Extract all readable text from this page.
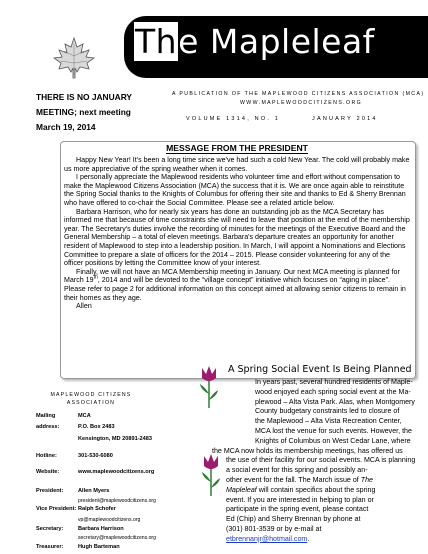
The Mapleleaf
A PUBLICATION OF THE MAPLEWOOD CITIZENS ASSOCIATION (MCA)
WWW.MAPLEWOODCITIZENS.ORG
VOLUME 1314, NO. 1	JANUARY 2014
THERE IS NO JANUARY
MEETING; next meeting
March 19, 2014
MESSAGE FROM THE PRESIDENT

Happy New Year! It's been a long time since we've had such a cold New Year. The cold will probably make us more appreciative of the spring weather when it comes.

I personally appreciate the Maplewood residents who volunteer time and effort without compensation to make the Maplewood Citizens Association (MCA) the success that it is. We are once again able to reinstitute the Spring Social thanks to the Knights of Columbus for offering their site and thanks to Ed & Sherry Brennan who have offered to co-chair the Social Committee. Please see a related article below.

Barbara Harrison, who for nearly six years has done an outstanding job as the MCA Secretary has informed me that because of time constraints she will need to leave that position at the end of the membership year. The Secretary's duties involve the recording of minutes for the meetings of the Executive Board and the General Membership – a total of eleven meetings. Barbara's departure creates an opportunity for another resident of Maplewood to step into a leadership position. In March, I will appoint a Nominations and Elections Committee to prepare a slate of officers for the 2014 – 2015. Please consider volunteering for any of the officer positions by letting the Committee know of your interest.

Finally, we will not have an MCA Membership meeting in January. Our next MCA meeting is planned for March 19th, 2014 and will be devoted to the “village concept” initiative which focuses on “aging in place”. Please refer to page 2 for additional information on this concept aimed at allowing senior citizens to remain in their homes as they age.

Allen

MAPLEWOOD CITIZENS
ASSOCIATION
Mailing	MCA
address:	P.O. Box 2483
Kensington, MD 20891-2483
Hotline:	301-530-6080
Website:	www.maplewoodcitizens.org
President:	Allen Myers
president@maplewoodcitizens.org
Vice President: Ralph Schofer
vp@maplewoodcitizens.org
Secretary:	Barbara Harrison
secretary@maplewoodcitizens.org
Treasurer:	Hugh Barteman
A Spring Social Event Is Being Planned
In years past, several hundred residents of Maple-
wood enjoyed each spring social event at the Ma-
plewood – Alta Vista Park. Alas, when Montgomery
County budgetary constraints led to closure of
the Maplewood – Alta Vista Recreation Center,
MCA lost the venue for such events. However, the
Knights of Columbus on West Cedar Lane, where
the MCA now holds its membership meetings, has offered us
the use of their facility for our social events. MCA is planning
a social event for this spring and possibly an-
other event for the fall. The March issue of The
Mapleleaf will contain specifics about the spring
event. If you are interested in helping to plan or
participate in the spring event, please contact
Ed (Chip) and Sherry Brennan by phone at
(301) 801-3539 or by e-mail at
etbrennanjr@hotmail.com.
